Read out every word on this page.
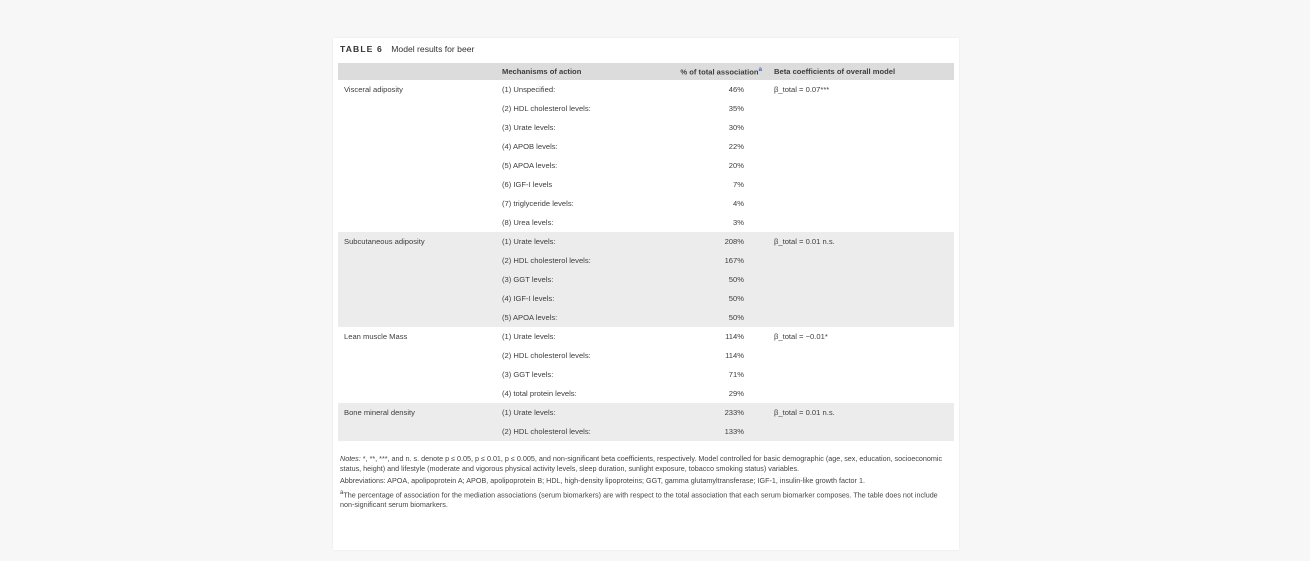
TABLE 6 Model results for beer
	Mechanisms of action	% of total association$^a$	Beta coefficients of overall model
Visceral adiposity	(1) Unspecified:	46%	β_total = 0.07***
	(2) HDL cholesterol levels:	35%	
	(3) Urate levels:	30%	
	(4) APOB levels:	22%	
	(5) APOA levels:	20%	
	(6) IGF-I levels	7%	
	(7) triglyceride levels:	4%	
	(8) Urea levels:	3%	
Subcutaneous adiposity	(1) Urate levels:	208%	β_total = 0.01 n.s.
	(2) HDL cholesterol levels:	167%	
	(3) GGT levels:	50%	
	(4) IGF-I levels:	50%	
	(5) APOA levels:	50%	
Lean muscle Mass	(1) Urate levels:	114%	β_total = −0.01*
	(2) HDL cholesterol levels:	114%	
	(3) GGT levels:	71%	
	(4) total protein levels:	29%	
Bone mineral density	(1) Urate levels:	233%	β_total = 0.01 n.s.
	(2) HDL cholesterol levels:	133%	

Notes: *, **, ***, and n. s. denote p ≤ 0.05, p ≤ 0.01, p ≤ 0.005, and non-significant beta coefficients, respectively. Model controlled for basic demographic (age, sex, education, socioeconomic status, height) and lifestyle (moderate and vigorous physical activity levels, sleep duration, sunlight exposure, tobacco smoking status) variables.

Abbreviations: APOA, apolipoprotein A; APOB, apolipoprotein B; HDL, high-density lipoproteins; GGT, gamma glutamyltransferase; IGF-1, insulin-like growth factor 1.

$^a$The percentage of association for the mediation associations (serum biomarkers) are with respect to the total association that each serum biomarker composes. The table does not include non-significant serum biomarkers.
